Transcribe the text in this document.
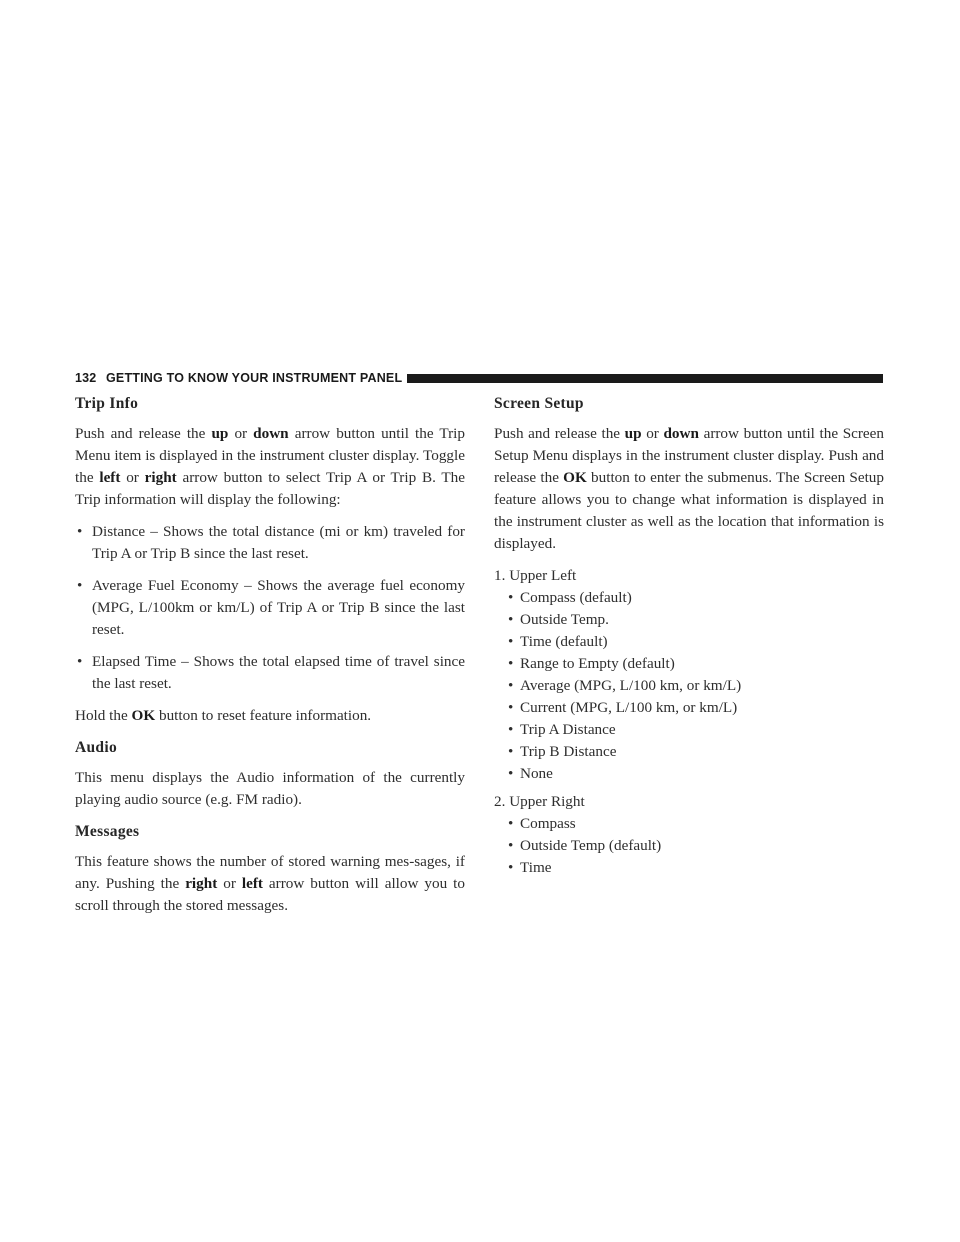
132 GETTING TO KNOW YOUR INSTRUMENT PANEL
Trip Info

Push and release the up or down arrow button until the Trip Menu item is displayed in the instrument cluster display. Toggle the left or right arrow button to select Trip A or Trip B. The Trip information will display the following:

• Distance – Shows the total distance (mi or km) traveled for Trip A or Trip B since the last reset.
• Average Fuel Economy – Shows the average fuel economy (MPG, L/100km or km/L) of Trip A or Trip B since the last reset.
• Elapsed Time – Shows the total elapsed time of travel since the last reset.

Hold the OK button to reset feature information.

Audio

This menu displays the Audio information of the currently playing audio source (e.g. FM radio).

Messages

This feature shows the number of stored warning mes-sages, if any. Pushing the right or left arrow button will allow you to scroll through the stored messages.

Screen Setup

Push and release the up or down arrow button until the Screen Setup Menu displays in the instrument cluster display. Push and release the OK button to enter the submenus. The Screen Setup feature allows you to change what information is displayed in the instrument cluster as well as the location that information is displayed.

1. Upper Left
• Compass (default)
• Outside Temp.
• Time (default)
• Range to Empty (default)
• Average (MPG, L/100 km, or km/L)
• Current (MPG, L/100 km, or km/L)
• Trip A Distance
• Trip B Distance
• None
2. Upper Right
• Compass
• Outside Temp (default)
• Time
